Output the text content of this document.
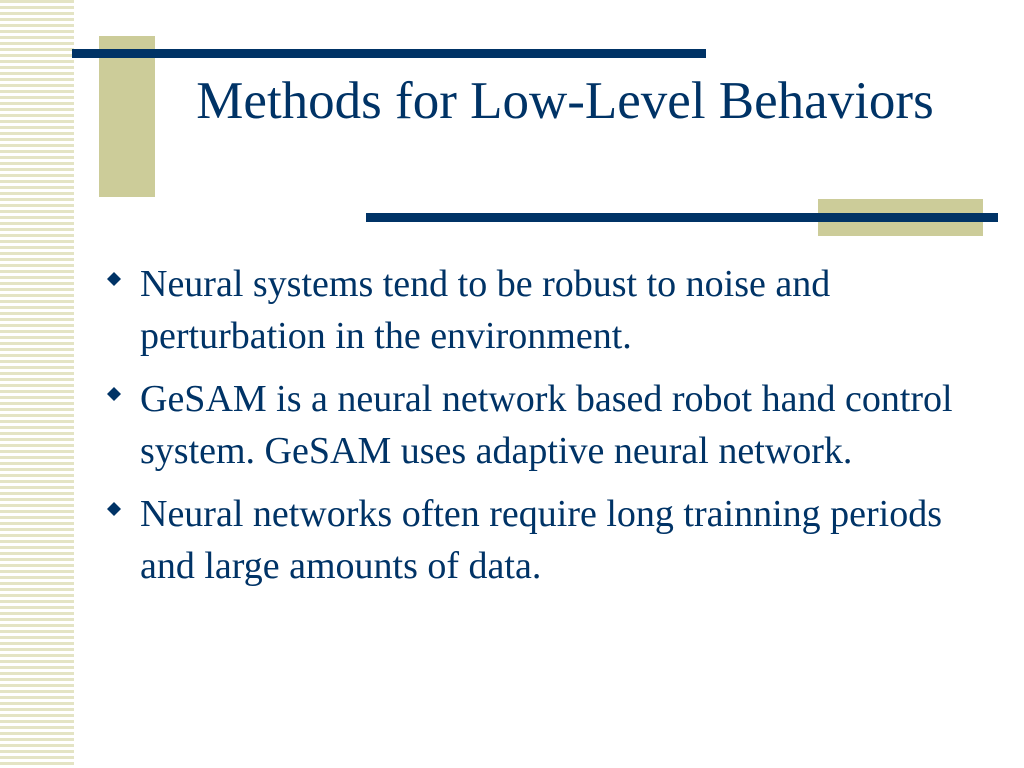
Methods for Low-Level Behaviors
Neural systems tend to be robust to noise and perturbation in the environment.
GeSAM is a neural network based robot hand control system. GeSAM uses adaptive neural network.
Neural networks often require long trainning periods and large amounts of data.
